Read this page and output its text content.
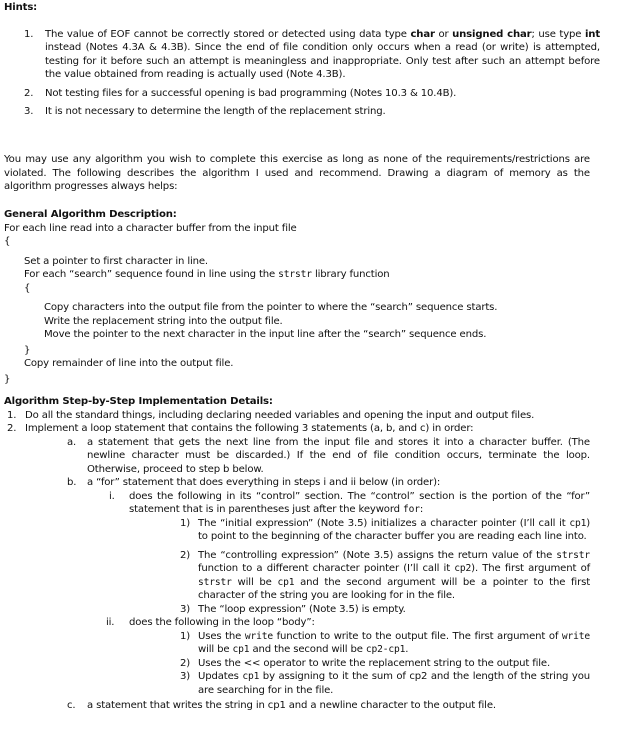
Hints:
1. The value of EOF cannot be correctly stored or detected using data type char or unsigned char; use type int instead (Notes 4.3A & 4.3B). Since the end of file condition only occurs when a read (or write) is attempted, testing for it before such an attempt is meaningless and inappropriate. Only test after such an attempt before the value obtained from reading is actually used (Note 4.3B).
2. Not testing files for a successful opening is bad programming (Notes 10.3 & 10.4B).
3. It is not necessary to determine the length of the replacement string.
You may use any algorithm you wish to complete this exercise as long as none of the requirements/restrictions are violated. The following describes the algorithm I used and recommend. Drawing a diagram of memory as the algorithm progresses always helps:
General Algorithm Description:
For each line read into a character buffer from the input file
{
Set a pointer to first character in line.
For each “search” sequence found in line using the strstr library function
{
Copy characters into the output file from the pointer to where the “search” sequence starts.
Write the replacement string into the output file.
Move the pointer to the next character in the input line after the “search” sequence ends.
}
Copy remainder of line into the output file.
}
Algorithm Step-by-Step Implementation Details:
1. Do all the standard things, including declaring needed variables and opening the input and output files.
2. Implement a loop statement that contains the following 3 statements (a, b, and c) in order:
a. a statement that gets the next line from the input file and stores it into a character buffer. (The newline character must be discarded.) If the end of file condition occurs, terminate the loop. Otherwise, proceed to step b below.
b. a “for” statement that does everything in steps i and ii below (in order):
i. does the following in its “control” section. The “control” section is the portion of the “for” statement that is in parentheses just after the keyword for:
1) The “initial expression” (Note 3.5) initializes a character pointer (I’ll call it cp1) to point to the beginning of the character buffer you are reading each line into.
2) The “controlling expression” (Note 3.5) assigns the return value of the strstr function to a different character pointer (I’ll call it cp2). The first argument of strstr will be cp1 and the second argument will be a pointer to the first character of the string you are looking for in the file.
3) The “loop expression” (Note 3.5) is empty.
ii. does the following in the loop “body”:
1) Uses the write function to write to the output file. The first argument of write will be cp1 and the second will be cp2-cp1.
2) Uses the << operator to write the replacement string to the output file.
3) Updates cp1 by assigning to it the sum of cp2 and the length of the string you are searching for in the file.
c. a statement that writes the string in cp1 and a newline character to the output file.
